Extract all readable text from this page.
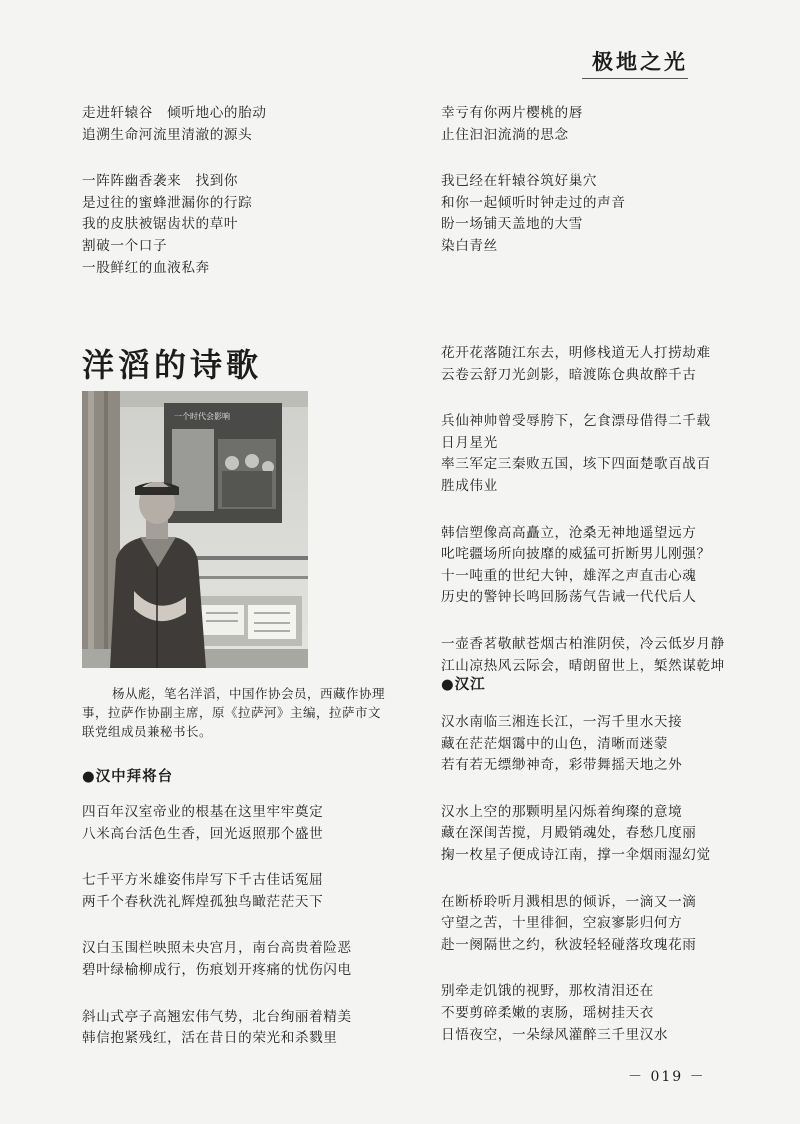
极地之光
走进轩辕谷　倾听地心的胎动
追溯生命河流里清澈的源头
一阵阵幽香袭来　找到你
是过往的蜜蜂泄漏你的行踪
我的皮肤被锯齿状的草叶
割破一个口子
一股鲜红的血液私奔
幸亏有你两片樱桃的唇
止住汩汩流淌的思念
我已经在轩辕谷筑好巢穴
和你一起倾听时钟走过的声音
盼一场铺天盖地的大雪
染白青丝
洋滔的诗歌
一个时代会影响
杨从彪，笔名洋滔，中国作协会员，西藏作协理事，拉萨作协副主席，原《拉萨河》主编，拉萨市文联党组成员兼秘书长。
●汉中拜将台
四百年汉室帝业的根基在这里牢牢奠定
八米高台活色生香，回光返照那个盛世
七千平方米雄姿伟岸写下千古佳话冤屈
两千个春秋洗礼辉煌孤独鸟瞰茫茫天下
汉白玉围栏映照未央宫月，南台高贵着险恶
碧叶绿榆柳成行，伤痕划开疼痛的忧伤闪电
斜山式亭子高翘宏伟气势，北台绚丽着精美
韩信抱紧残红，活在昔日的荣光和杀戮里
花开花落随江东去，明修栈道无人打捞劫难
云卷云舒刀光剑影，暗渡陈仓典故醉千古
兵仙神帅曾受辱胯下，乞食漂母借得二千载
日月星光
率三军定三秦败五国，垓下四面楚歌百战百
胜成伟业
韩信塑像高高矗立，沧桑无神地遥望远方
叱咤疆场所向披靡的威猛可折断男儿刚强？
十一吨重的世纪大钟，雄浑之声直击心魂
历史的警钟长鸣回肠荡气告诫一代代后人
一壶香茗敬献苍烟古柏淮阴侯，冷云低岁月静
江山凉热风云际会，晴朗留世上，椠然谋乾坤
●汉江
汉水南临三湘连长江，一泻千里水天接
藏在茫茫烟霭中的山色，清晰而迷蒙
若有若无缥缈神奇，彩带舞摇天地之外
汉水上空的那颗明星闪烁着绚璨的意境
藏在深闺苦搅，月殿销魂处，春愁几度丽
掬一枚星子便成诗江南，撑一伞烟雨湿幻觉
在断桥聆听月溅相思的倾诉，一滴又一滴
守望之苦，十里徘徊，空寂寥影归何方
赴一阕隔世之约，秋波轻轻碰落玫瑰花雨
别牵走饥饿的视野，那枚清泪还在
不要剪碎柔嫩的衷肠，瑶树挂天衣
日悟夜空，一朵绿风灌醉三千里汉水
－ 019 －
